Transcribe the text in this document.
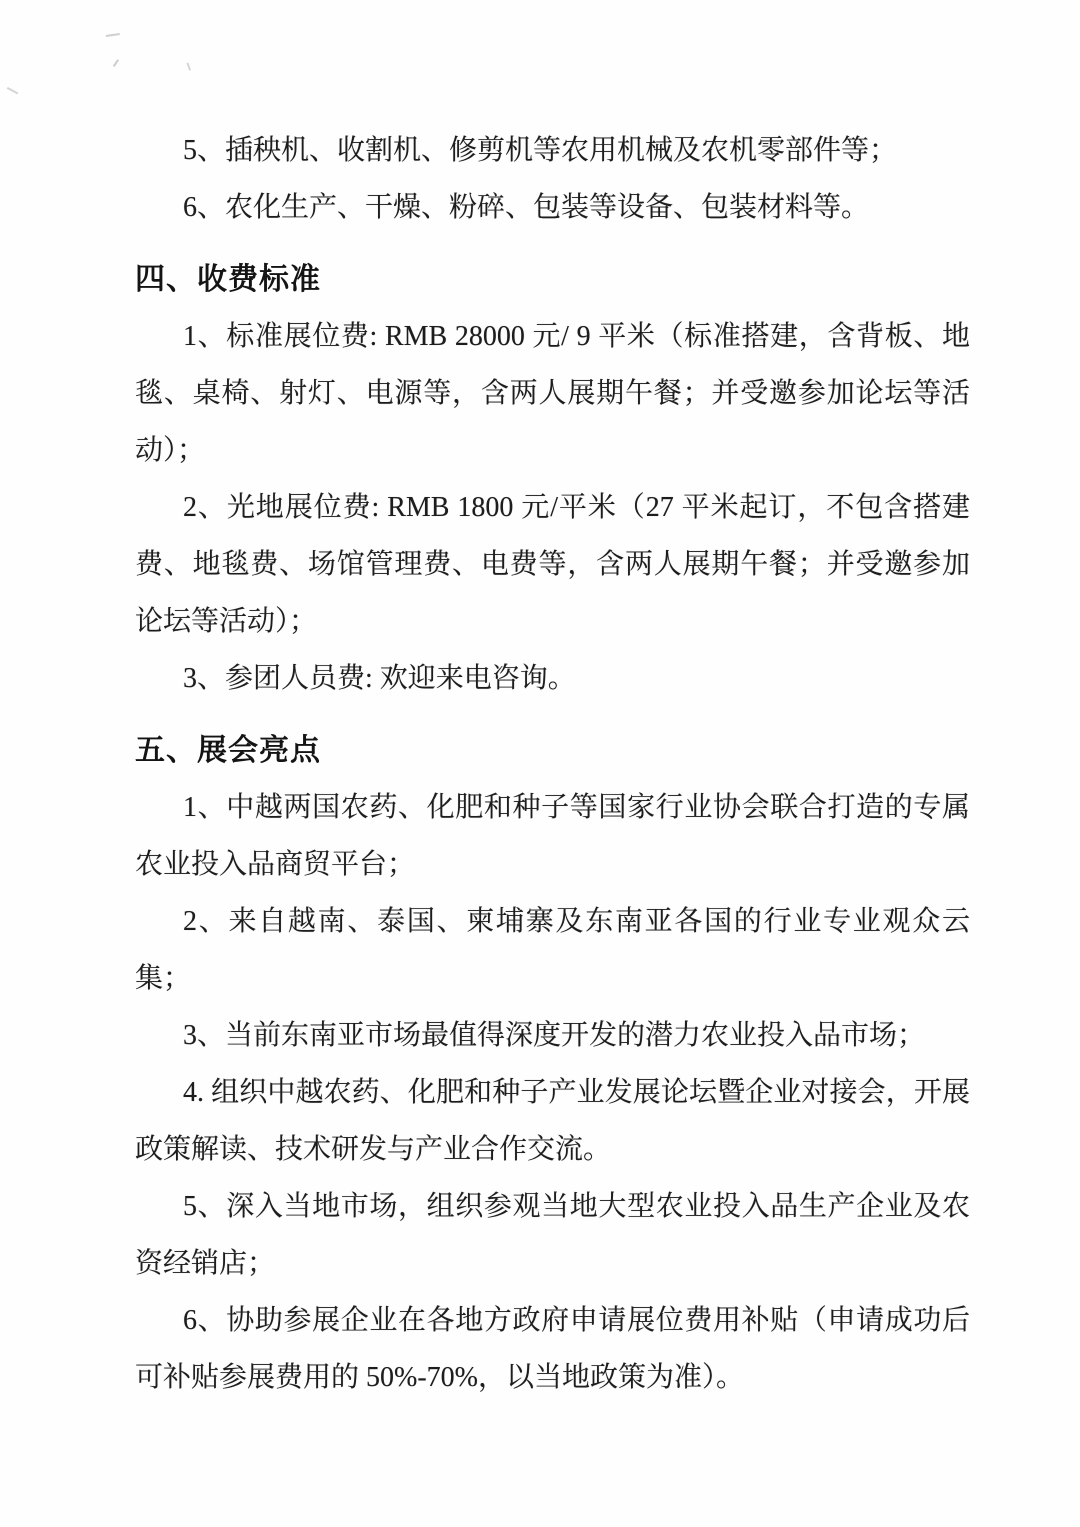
5、插秧机、收割机、修剪机等农用机械及农机零部件等；

6、农化生产、干燥、粉碎、包装等设备、包装材料等。

四、收费标准

1、标准展位费: RMB 28000 元/ 9 平米（标准搭建，含背板、地毯、桌椅、射灯、电源等，含两人展期午餐；并受邀参加论坛等活动）；

2、光地展位费: RMB 1800 元/平米（27 平米起订，不包含搭建费、地毯费、场馆管理费、电费等，含两人展期午餐；并受邀参加论坛等活动）；

3、参团人员费: 欢迎来电咨询。

五、展会亮点

1、中越两国农药、化肥和种子等国家行业协会联合打造的专属农业投入品商贸平台；

2、来自越南、泰国、柬埔寨及东南亚各国的行业专业观众云集；

3、当前东南亚市场最值得深度开发的潜力农业投入品市场；

4. 组织中越农药、化肥和种子产业发展论坛暨企业对接会，开展政策解读、技术研发与产业合作交流。

5、深入当地市场，组织参观当地大型农业投入品生产企业及农资经销店；

6、协助参展企业在各地方政府申请展位费用补贴（申请成功后可补贴参展费用的 50%-70%，以当地政策为准）。
